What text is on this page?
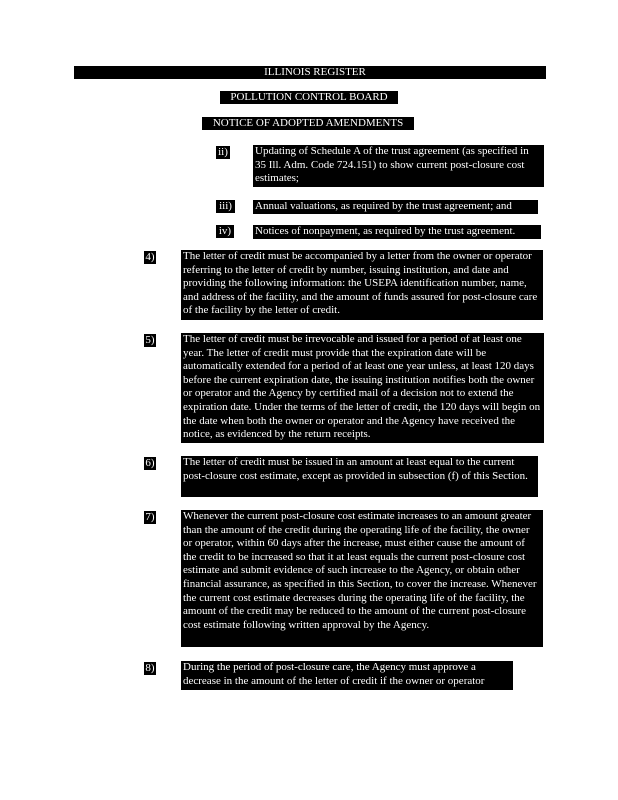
ILLINOIS REGISTER
POLLUTION CONTROL BOARD
NOTICE OF ADOPTED AMENDMENTS
ii) Updating of Schedule A of the trust agreement (as specified in 35 Ill. Adm. Code 724.151) to show current post-closure cost estimates;
iii) Annual valuations, as required by the trust agreement; and
iv) Notices of nonpayment, as required by the trust agreement.
4)	The letter of credit must be accompanied by a letter from the owner or operator referring to the letter of credit by number, issuing institution, and date and providing the following information: the USEPA identification number, name, and address of the facility, and the amount of funds assured for post-closure care of the facility by the letter of credit.
5)	The letter of credit must be irrevocable and issued for a period of at least one year. The letter of credit must provide that the expiration date will be automatically extended for a period of at least one year unless, at least 120 days before the current expiration date, the issuing institution notifies both the owner or operator and the Agency by certified mail of a decision not to extend the expiration date. Under the terms of the letter of credit, the 120 days will begin on the date when both the owner or operator and the Agency have received the notice, as evidenced by the return receipts.
6)	The letter of credit must be issued in an amount at least equal to the current post-closure cost estimate, except as provided in subsection (f) of this Section.
7)	Whenever the current post-closure cost estimate increases to an amount greater than the amount of the credit during the operating life of the facility, the owner or operator, within 60 days after the increase, must either cause the amount of the credit to be increased so that it at least equals the current post-closure cost estimate and submit evidence of such increase to the Agency, or obtain other financial assurance, as specified in this Section, to cover the increase. Whenever the current cost estimate decreases during the operating life of the facility, the amount of the credit may be reduced to the amount of the current post-closure cost estimate following written approval by the Agency.
8)	During the period of post-closure care, the Agency must approve a decrease in the amount of the letter of credit if the owner or operator
